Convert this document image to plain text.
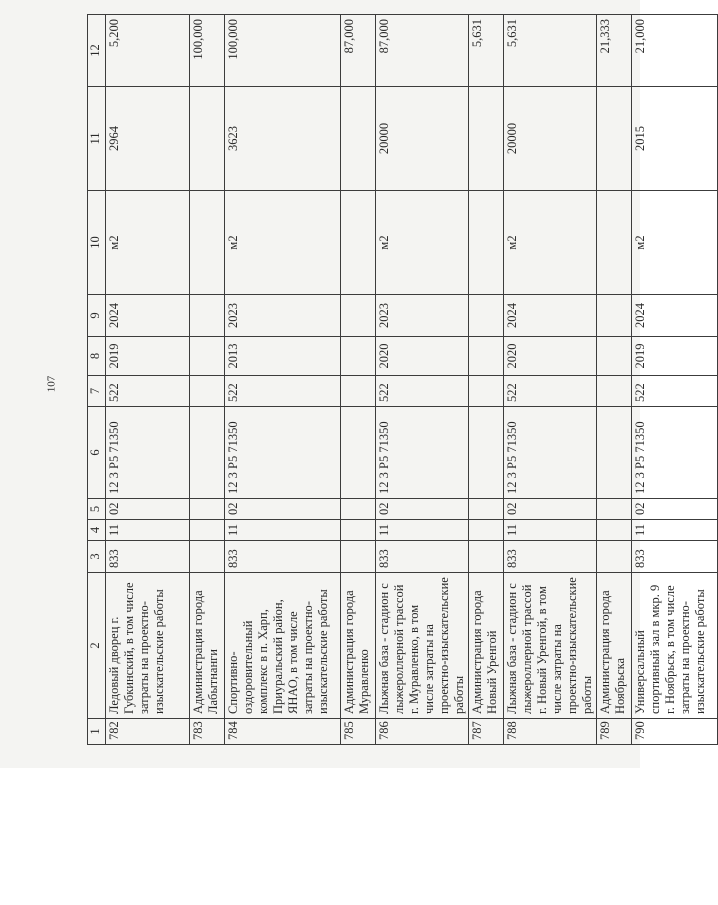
107
1	2	3	4	5	6	7	8	9	10	11	12
782	Ледовый дворец г. Губкинский, в том числе затраты на проектно-изыскательские работы	833	11	02	12 3 P5 71350	522	2019	2024	м2	2964	5,200
783	Администрация города Лабытнанги										100,000
784	Спортивно-оздоровительный комплекс в п. Харп, Приуральский район, ЯНАО, в том числе затраты на проектно-изыскательские работы	833	11	02	12 3 P5 71350	522	2013	2023	м2	3623	100,000
785	Администрация города Муравленко										87,000
786	Лыжная база - стадион с лыжероллерной трассой г. Муравленко, в том числе затраты на проектно-изыскательские работы	833	11	02	12 3 P5 71350	522	2020	2023	м2	20000	87,000
787	Администрация города Новый Уренгой										5,631
788	Лыжная база - стадион с лыжероллерной трассой г. Новый Уренгой, в том числе затраты на проектно-изыскательские работы	833	11	02	12 3 P5 71350	522	2020	2024	м2	20000	5,631
789	Администрация города Ноябрьска										21,333
790	Универсальный спортивный зал в мкр. 9 г. Ноябрьск, в том числе затраты на проектно-изыскательские работы	833	11	02	12 3 P5 71350	522	2019	2024	м2	2015	21,000
